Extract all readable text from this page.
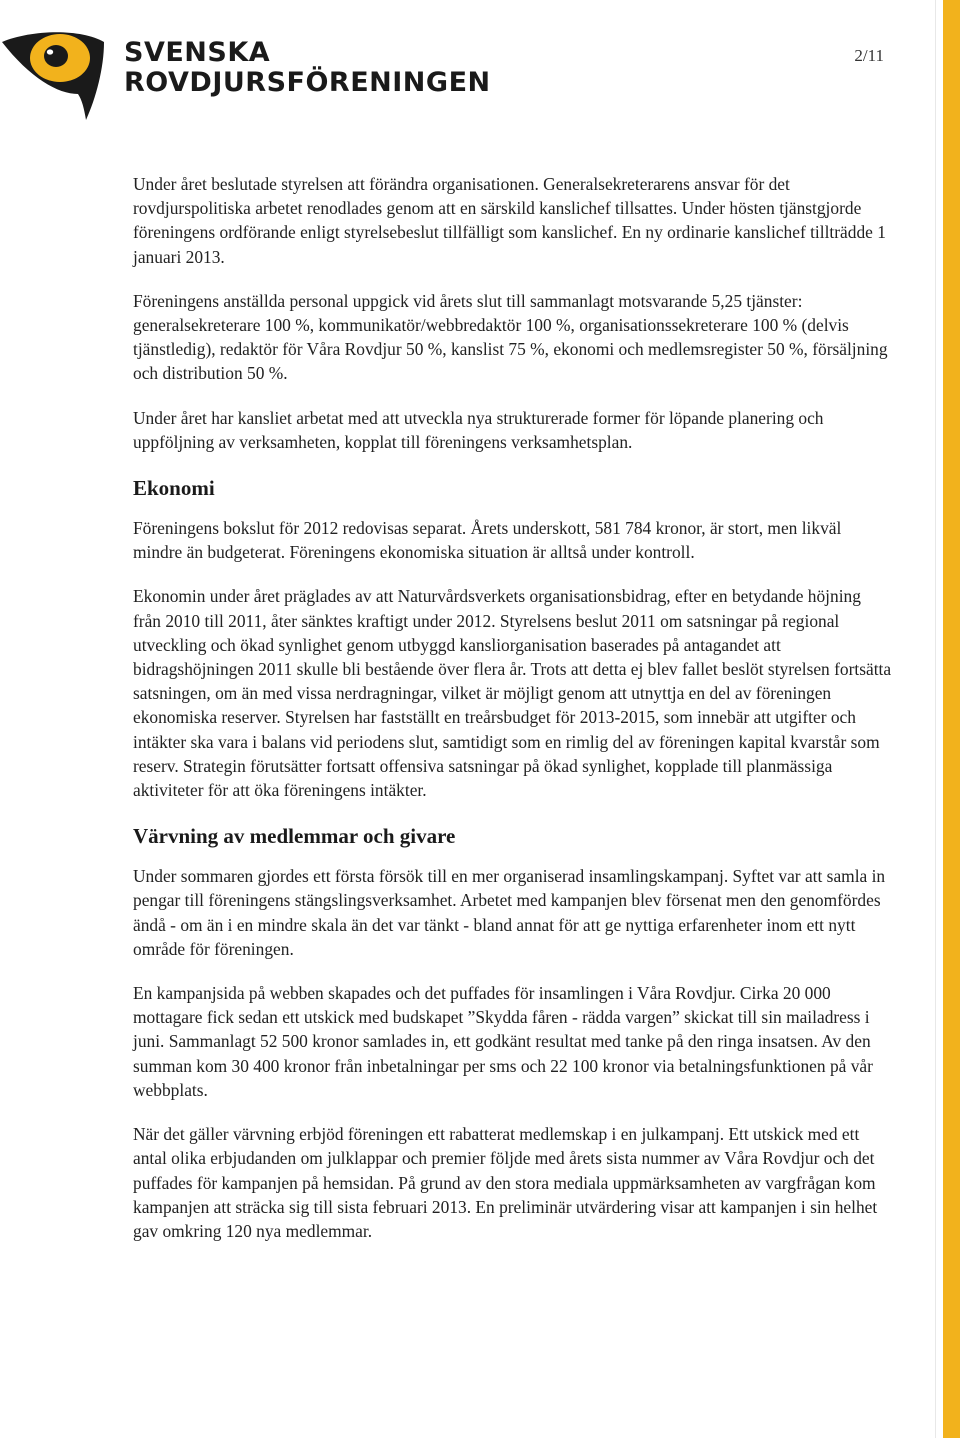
SVENSKA
ROVDJURSFÖRENINGEN
2/11

Under året beslutade styrelsen att förändra organisationen. Generalsekreterarens ansvar för det rovdjurspolitiska arbetet renodlades genom att en särskild kanslichef tillsattes. Under hösten tjänstgjorde föreningens ordförande enligt styrelsebeslut tillfälligt som kanslichef. En ny ordinarie kanslichef tillträdde 1 januari 2013.

Föreningens anställda personal uppgick vid årets slut till sammanlagt motsvarande 5,25 tjänster: generalsekreterare 100 %, kommunikatör/webbredaktör 100 %, organisationssekreterare 100 % (delvis tjänstledig), redaktör för Våra Rovdjur 50 %, kanslist 75 %, ekonomi och medlemsregister 50 %, försäljning och distribution 50 %.

Under året har kansliet arbetat med att utveckla nya strukturerade former för löpande planering och uppföljning av verksamheten, kopplat till föreningens verksamhetsplan.

Ekonomi

Föreningens bokslut för 2012 redovisas separat. Årets underskott, 581 784 kronor, är stort, men likväl mindre än budgeterat. Föreningens ekonomiska situation är alltså under kontroll.

Ekonomin under året präglades av att Naturvårdsverkets organisationsbidrag, efter en betydande höjning från 2010 till 2011, åter sänktes kraftigt under 2012. Styrelsens beslut 2011 om satsningar på regional utveckling och ökad synlighet genom utbyggd kansliorganisation baserades på antagandet att bidragshöjningen 2011 skulle bli bestående över flera år. Trots att detta ej blev fallet beslöt styrelsen fortsätta satsningen, om än med vissa nerdragningar, vilket är möjligt genom att utnyttja en del av föreningen ekonomiska reserver. Styrelsen har fastställt en treårsbudget för 2013-2015, som innebär att utgifter och intäkter ska vara i balans vid periodens slut, samtidigt som en rimlig del av föreningen kapital kvarstår som reserv. Strategin förutsätter fortsatt offensiva satsningar på ökad synlighet, kopplade till planmässiga aktiviteter för att öka föreningens intäkter.

Värvning av medlemmar och givare

Under sommaren gjordes ett första försök till en mer organiserad insamlingskampanj. Syftet var att samla in pengar till föreningens stängslingsverksamhet. Arbetet med kampanjen blev försenat men den genomfördes ändå - om än i en mindre skala än det var tänkt - bland annat för att ge nyttiga erfarenheter inom ett nytt område för föreningen.

En kampanjsida på webben skapades och det puffades för insamlingen i Våra Rovdjur. Cirka 20 000 mottagare fick sedan ett utskick med budskapet ”Skydda fåren - rädda vargen” skickat till sin mailadress i juni. Sammanlagt 52 500 kronor samlades in, ett godkänt resultat med tanke på den ringa insatsen. Av den summan kom 30 400 kronor från inbetalningar per sms och 22 100 kronor via betalningsfunktionen på vår webbplats.

När det gäller värvning erbjöd föreningen ett rabatterat medlemskap i en julkampanj. Ett utskick med ett antal olika erbjudanden om julklappar och premier följde med årets sista nummer av Våra Rovdjur och det puffades för kampanjen på hemsidan. På grund av den stora mediala uppmärksamheten av vargfrågan kom kampanjen att sträcka sig till sista februari 2013. En preliminär utvärdering visar att kampanjen i sin helhet gav omkring 120 nya medlemmar.
